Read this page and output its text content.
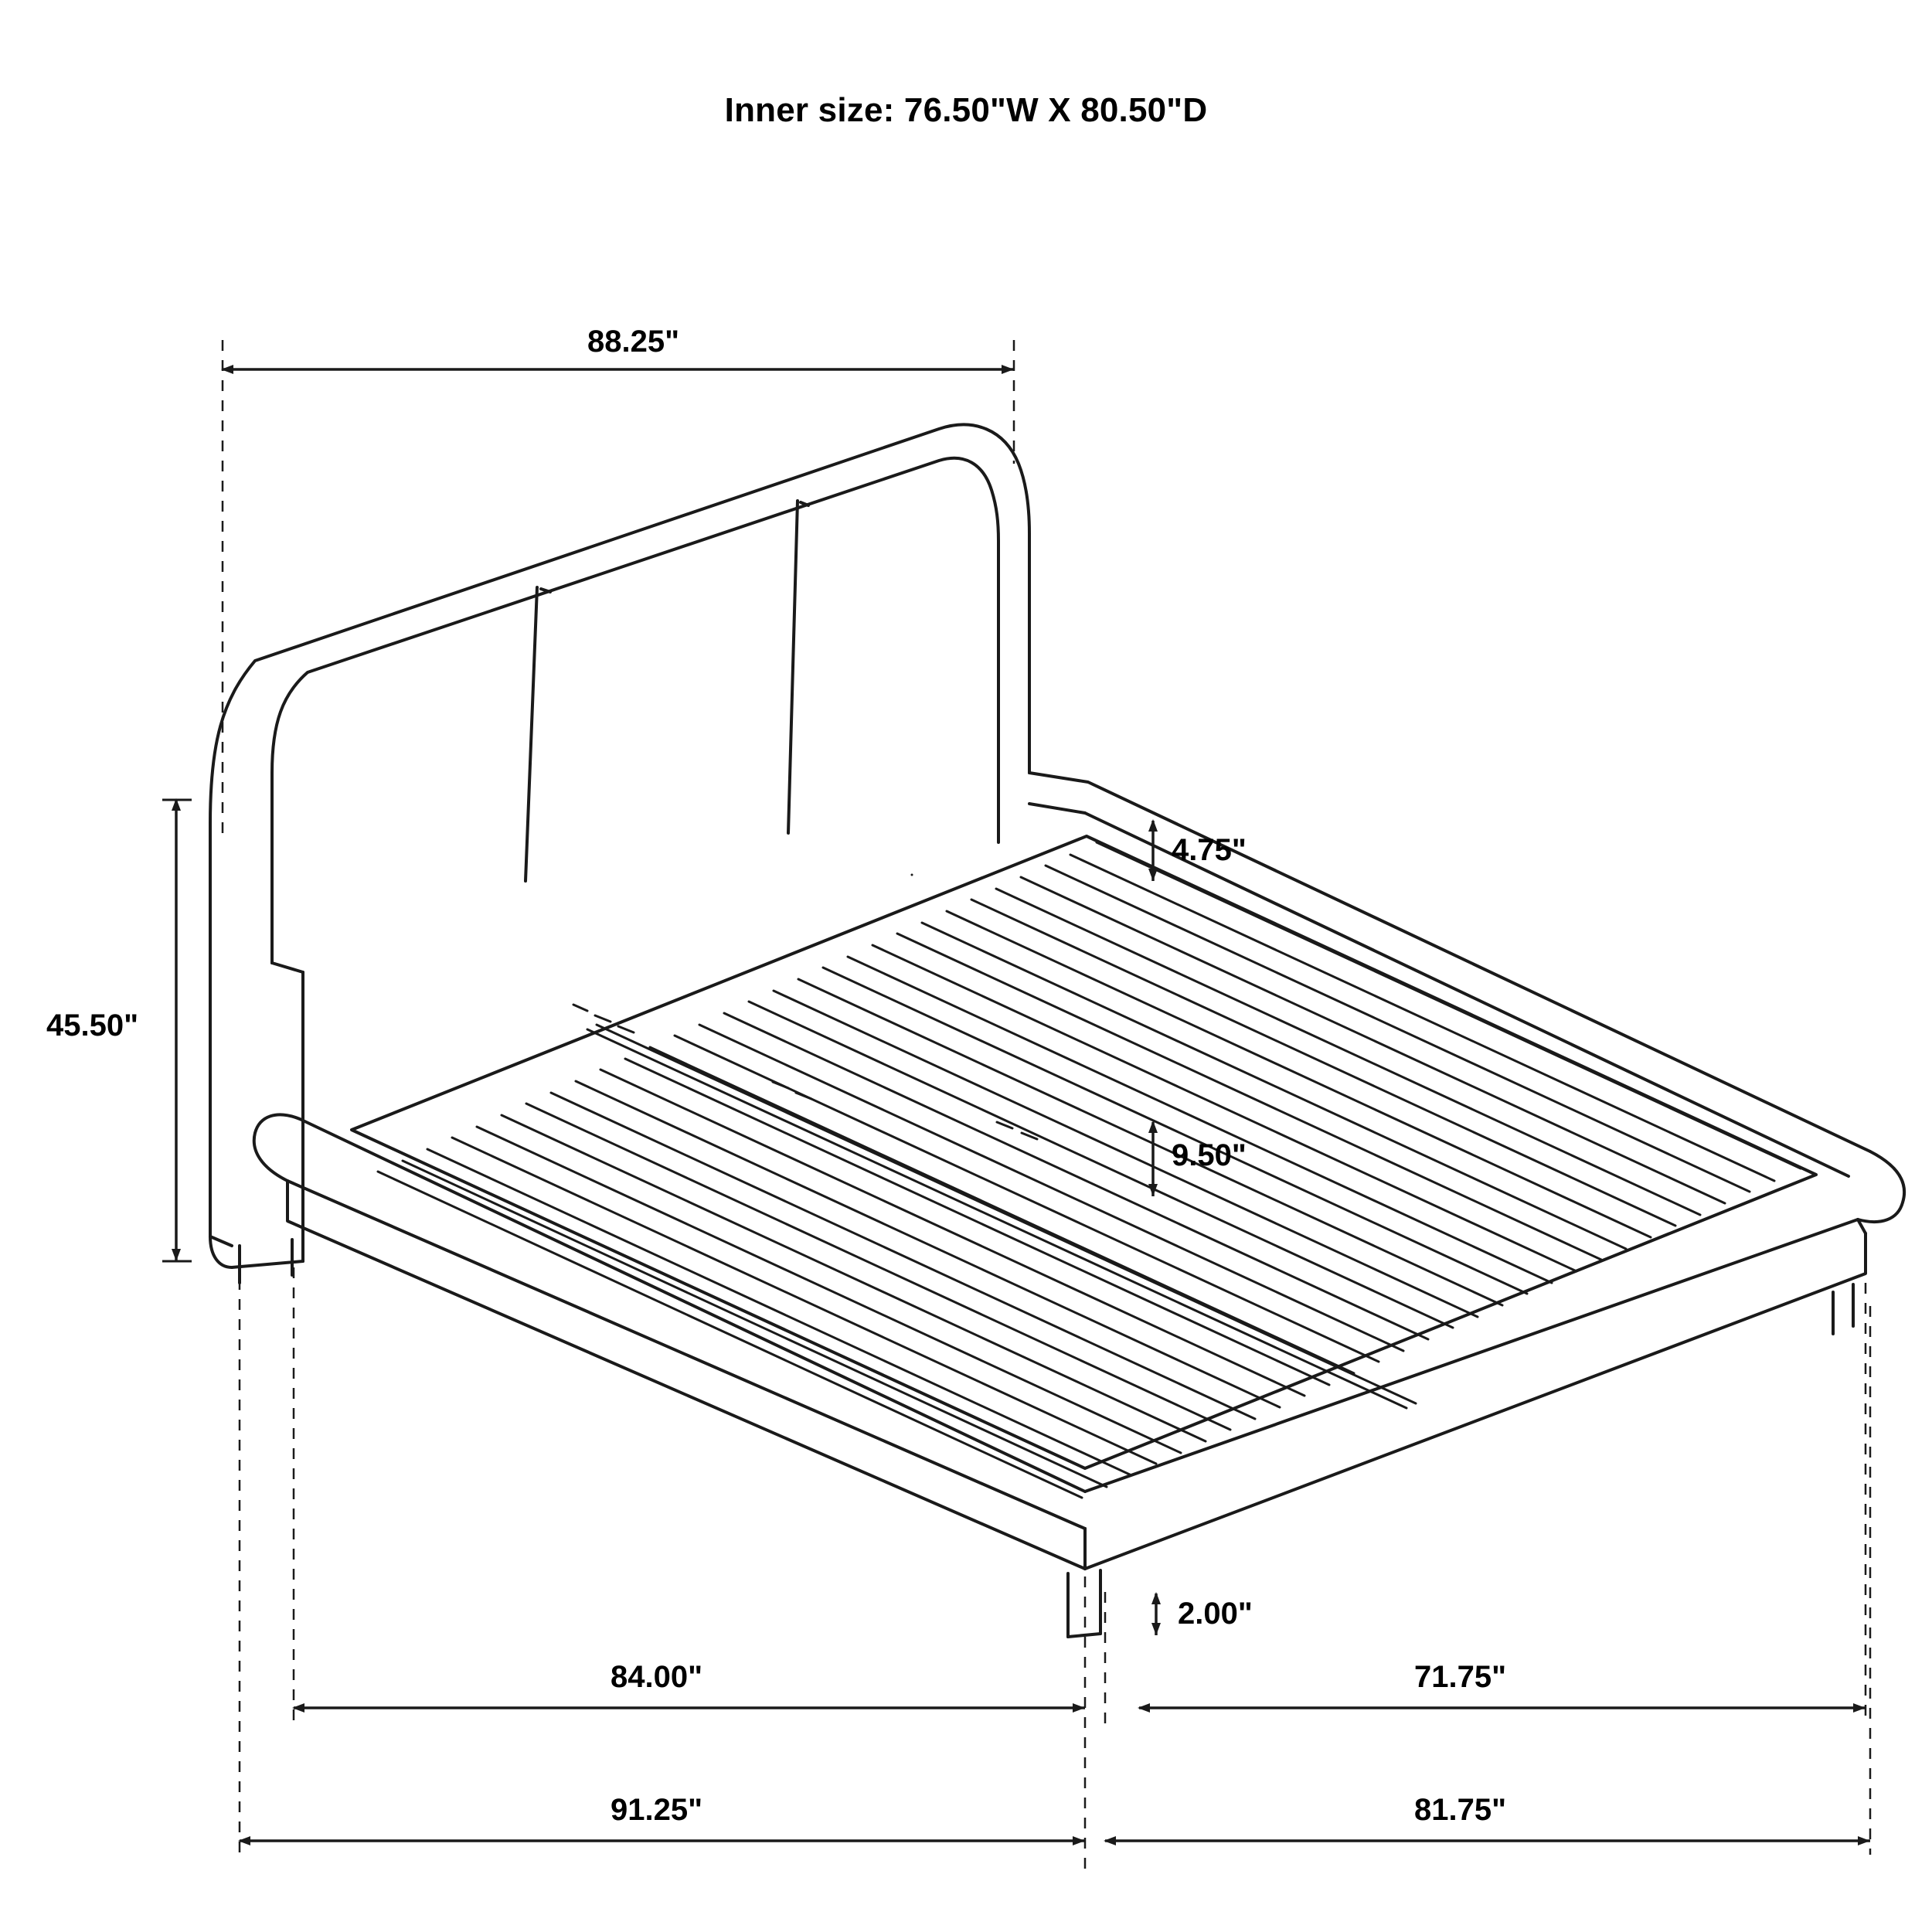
Inner size: 76.50"W X 80.50"D
88.25"
45.50"
4.75"
9.50"
2.00"
84.00"	71.75"
91.25"	81.75"
